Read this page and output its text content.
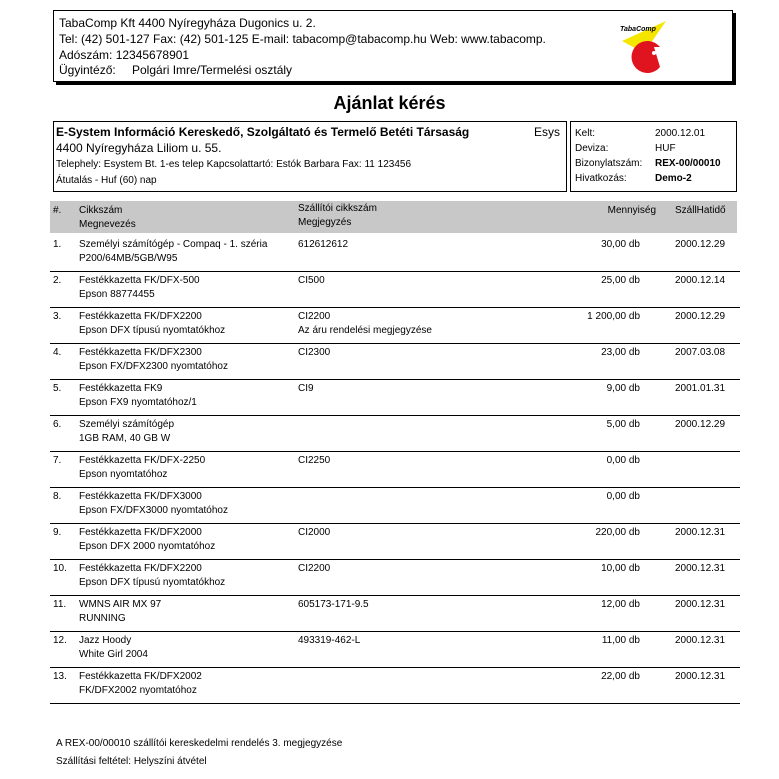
TabaComp Kft 4400 Nyíregyháza Dugonics u. 2.
Tel: (42) 501-127 Fax: (42) 501-125 E-mail: tabacomp@tabacomp.hu Web: www.tabacomp.
Adószám: 12345678901
Ügyintéző: Polgári Imre/Termelési osztály
TabaComp
Ajánlat kérés
E-System Információ Kereskedő, Szolgáltató és Termelő Betéti Társaság	Esys
4400 Nyíregyháza Liliom u. 55.
Telephely: Esystem Bt. 1-es telep Kapcsolattartó: Estók Barbara Fax: 11 123456
Átutalás - Huf (60) nap
Kelt:	2000.12.01
Deviza:	HUF
Bizonylatszám: REX-00/00010
Hivatkozás:	Demo-2
#. Cikkszám
Megnevezés
Szállítói cikkszám
Megjegyzés
Mennyiség SzállHatidő
1. Személyi számítógép - Compaq - 1. széria
P200/64MB/5GB/W95
612612612	30,00 db	2000.12.29
2. Festékkazetta FK/DFX-500
Epson 88774455
CI500	25,00 db	2000.12.14
3. Festékkazetta FK/DFX2200
Epson DFX típusú nyomtatókhoz
CI2200
Az áru rendelési megjegyzése
1 200,00 db	2000.12.29
4. Festékkazetta FK/DFX2300
Epson FX/DFX2300 nyomtatóhoz
CI2300	23,00 db	2007.03.08
5. Festékkazetta FK9
Epson FX9 nyomtatóhoz/1
CI9	9,00 db	2001.01.31
6. Személyi számítógép
1GB RAM, 40 GB W
5,00 db	2000.12.29
7. Festékkazetta FK/DFX-2250
Epson nyomtatóhoz
CI2250	0,00 db
8. Festékkazetta FK/DFX3000
Epson FX/DFX3000 nyomtatóhoz
0,00 db
9. Festékkazetta FK/DFX2000
Epson DFX 2000 nyomtatóhoz
CI2000	220,00 db	2000.12.31
10. Festékkazetta FK/DFX2200
Epson DFX típusú nyomtatókhoz
CI2200	10,00 db	2000.12.31
11. WMNS AIR MX 97
RUNNING
605173-171-9.5	12,00 db	2000.12.31
12. Jazz Hoody
White Girl 2004
493319-462-L	11,00 db	2000.12.31
13. Festékkazetta FK/DFX2002
FK/DFX2002 nyomtatóhoz
22,00 db	2000.12.31
A REX-00/00010 szállítói kereskedelmi rendelés 3. megjegyzése
Szállítási feltétel: Helyszíni átvétel
